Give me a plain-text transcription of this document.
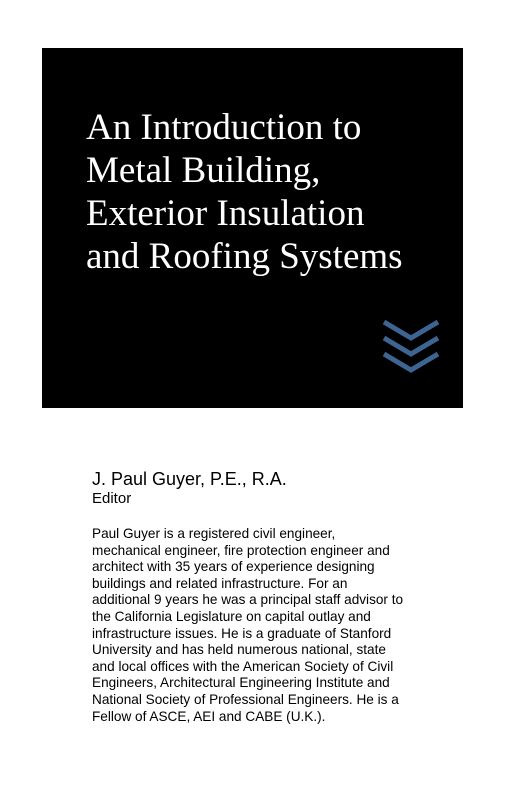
An Introduction to
Metal Building,
Exterior Insulation
and Roofing Systems

J. Paul Guyer, P.E., R.A.

Editor

Paul Guyer is a registered civil engineer,
mechanical engineer, fire protection engineer and
architect with 35 years of experience designing
buildings and related infrastructure. For an
additional 9 years he was a principal staff advisor to
the California Legislature on capital outlay and
infrastructure issues. He is a graduate of Stanford
University and has held numerous national, state
and local offices with the American Society of Civil
Engineers, Architectural Engineering Institute and
National Society of Professional Engineers. He is a
Fellow of ASCE, AEI and CABE (U.K.).
